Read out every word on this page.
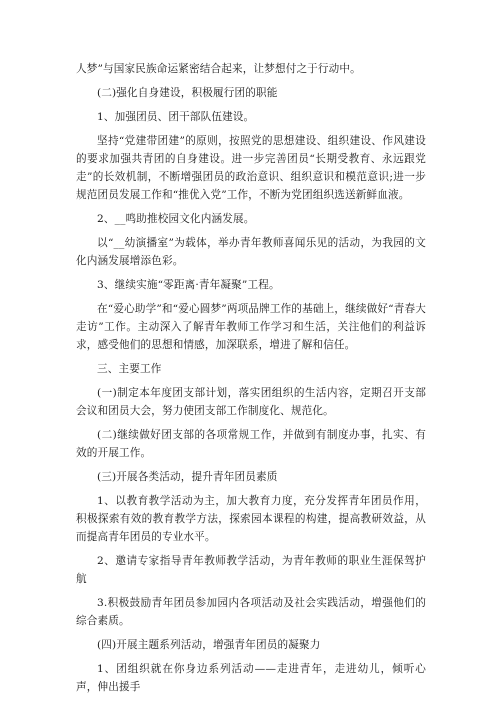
人梦”与国家民族命运紧密结合起来，让梦想付之于行动中。

(二)强化自身建设，积极履行团的职能

1、加强团员、团干部队伍建设。

坚持“党建带团建”的原则，按照党的思想建设、组织建设、作风建设的要求加强共青团的自身建设。进一步完善团员“长期受教育、永远跟党走”的长效机制，不断增强团员的政治意识、组织意识和模范意识;进一步规范团员发展工作和“推优入党”工作，不断为党团组织选送新鲜血液。

2、__鸣助推校园文化内涵发展。

以“__幼演播室”为载体，举办青年教师喜闻乐见的活动，为我园的文化内涵发展增添色彩。

3、继续实施“零距离·青年凝聚”工程。

在“爱心助学”和“爱心圆梦”两项品牌工作的基础上，继续做好“青春大走访”工作。主动深入了解青年教师工作学习和生活，关注他们的利益诉求，感受他们的思想和情感，加深联系，增进了解和信任。

三、主要工作

(一)制定本年度团支部计划，落实团组织的生活内容，定期召开支部会议和团员大会，努力使团支部工作制度化、规范化。

(二)继续做好团支部的各项常规工作，并做到有制度办事，扎实、有效的开展工作。

(三)开展各类活动，提升青年团员素质

1、以教育教学活动为主，加大教育力度，充分发挥青年团员作用，积极探索有效的教育教学方法，探索园本课程的构建，提高教研效益，从而提高青年团员的专业水平。

2、邀请专家指导青年教师教学活动，为青年教师的职业生涯保驾护航

3.积极鼓励青年团员参加园内各项活动及社会实践活动，增强他们的综合素质。

(四)开展主题系列活动，增强青年团员的凝聚力

1、团组织就在你身边系列活动——走进青年，走进幼儿，倾听心声，伸出援手
